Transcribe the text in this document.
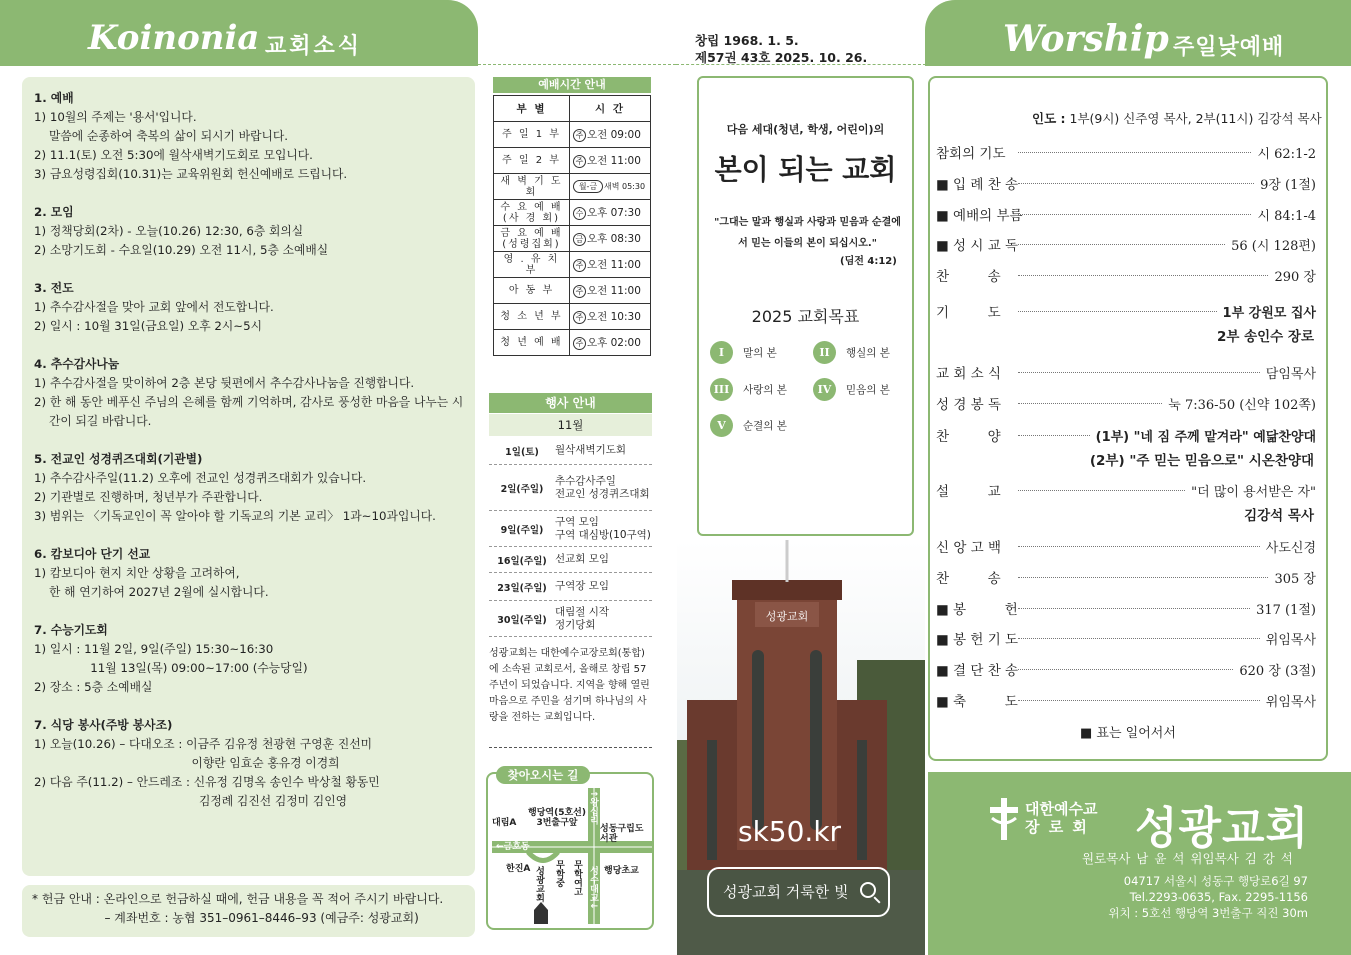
Koinonia 교회소식
1. 예배
1) 10월의 주제는 '용서'입니다.
말씀에 순종하여 축복의 삶이 되시기 바랍니다.
2) 11.1(토) 오전 5:30에 월삭새벽기도회로 모입니다.
3) 금요성령집회(10.31)는 교육위원회 헌신예배로 드립니다.
2. 모임
1) 정책당회(2차) - 오늘(10.26) 12:30, 6층 회의실
2) 소망기도회 - 수요일(10.29) 오전 11시, 5층 소예배실
3. 전도
1) 추수감사절을 맞아 교회 앞에서 전도합니다.
2) 일시 : 10월 31일(금요일) 오후 2시~5시
4. 추수감사나눔
1) 추수감사절을 맞이하여 2층 본당 뒷편에서 추수감사나눔을 진행합니다.
2) 한 해 동안 베푸신 주님의 은혜를 함께 기억하며, 감사로 풍성한 마음을 나누는 시
간이 되길 바랍니다.
5. 전교인 성경퀴즈대회(기관별)
1) 추수감사주일(11.2) 오후에 전교인 성경퀴즈대회가 있습니다.
2) 기관별로 진행하며, 청년부가 주관합니다.
3) 범위는 〈기독교인이 꼭 알아야 할 기독교의 기본 교리〉 1과~10과입니다.
6. 캄보디아 단기 선교
1) 캄보디아 현지 치안 상황을 고려하여,
한 해 연기하여 2027년 2월에 실시합니다.
7. 수능기도회
1) 일시 : 11월 2일, 9일(주일) 15:30~16:30
11월 13일(목) 09:00~17:00 (수능당일)
2) 장소 : 5층 소예배실
7. 식당 봉사(주방 봉사조)
1) 오늘(10.26) – 다대오조 : 이금주 김유정 천광현 구영훈 진선미
이향란 임효순 홍유경 이경희
2) 다음 주(11.2) – 안드레조 : 신유정 김명옥 송인수 박상철 황동민
김정례 김진선 김정미 김인영
* 헌금 안내 : 온라인으로 헌금하실 때에, 헌금 내용을 꼭 적어 주시기 바랍니다.
– 계좌번호 : 농협 351–0961–8446–93 (예금주: 성광교회)
예배시간 안내
부 별	시 간
주 일 1 부	주 오전 09:00
주 일 2 부	주 오전 11:00
새 벽 기 도 회	월-금 새벽 05:30
수 요 예 배 (사 경 회)	수 오후 07:30
금 요 예 배 (성령집회)	금 오후 08:30
영 . 유 치 부	주 오전 11:00
아 동 부	주 오전 11:00
청 소 년 부	주 오전 10:30
청 년 예 배	주 오후 02:00
행사 안내
11월
1일(토)	월삭새벽기도회
2일(주일)
추수감사주일
전교인 성경퀴즈대회
9일(주일)
구역 모임
구역 대심방(10구역)
16일(주일) 선교회 모임
23일(주일) 구역장 모임
30일(주일)
대림절 시작
정기당회
성광교회는 대한예수교장로회(통합)에 소속된 교회로서, 올해로 창립 57주년이 되었습니다. 지역을 향해 열린 마음으로 주민을 섬기며 하나님의 사랑을 전하는 교회입니다.
행당역(5호선)
3번출구앞
대림A	↑왕십리
성동구립도서관
←금호동
한진A 성광교회 무학중 무학여고 행당초교
성수대교↓
찾아오시는 길
창립 1968. 1. 5.
제57권 43호 2025. 10. 26.
다음 세대(청년, 학생, 어린이)의
본이 되는 교회
"그대는 말과 행실과 사랑과 믿음과 순결에서 믿는 이들의 본이 되십시오."
(딤전 4:12)
2025 교회목표
I	말의 본	II	행실의 본
III	사랑의 본	IV	믿음의 본
V	순결의 본
성광교회
sk50.kr
성광교회 거룩한 빛
Worship 주일낮예배
인도 : 1부(9시) 신주영 목사, 2부(11시) 김강석 목사
참회의 기도	시 62:1-2
■ 입 례 찬 송	9장 (1절)
■ 예배의 부름	시 84:1-4
■ 성 시 교 독	56 (시 128편)
찬         송	290 장
기         도	1부 강원모 집사
2부 송인수 장로
교 회 소 식	담임목사
성 경 봉 독	눅 7:36-50 (신약 102쪽)
찬         양	(1부) "네 짐 주께 맡겨라" 예닮찬양대
(2부) "주 믿는 믿음으로" 시온찬양대
설         교	"더 많이 용서받은 자"
김강석 목사
신 앙 고 백	사도신경
찬         송	305 장
■ 봉         헌	317 (1절)
■ 봉 헌 기 도	위임목사
■ 결 단 찬 송	620 장 (3절)
■ 축         도	위임목사
■ 표는 일어서서
대한예수교
장 로 회 성광교회
원로목사 남 윤 석 위임목사 김 강 석
04717 서울시 성동구 행당로6길 97
Tel.2293-0635, Fax. 2295-1156
위치 : 5호선 행당역 3번출구 직진 30m
